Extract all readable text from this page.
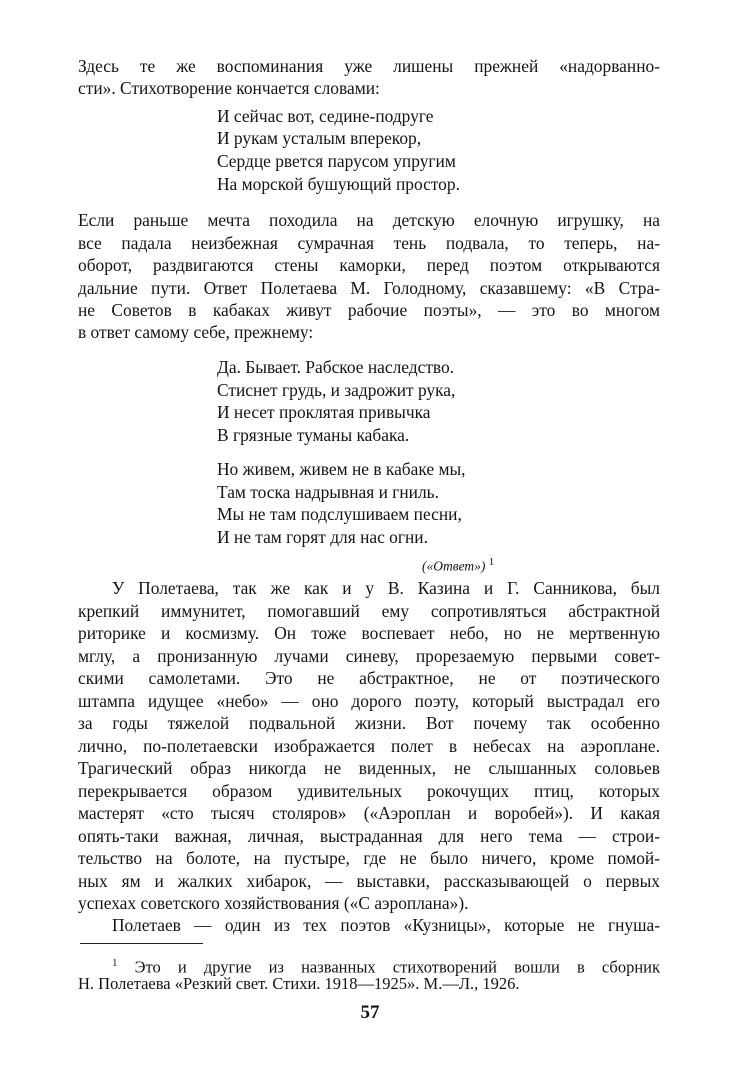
Здесь те же воспоминания уже лишены прежней «надорванно-
сти». Стихотворение кончается словами:
И сейчас вот, седине-подруге
И рукам усталым вперекор,
Сердце рвется парусом упругим
На морской бушующий простор.
Если раньше мечта походила на детскую елочную игрушку, на
все падала неизбежная сумрачная тень подвала, то теперь, на-
оборот, раздвигаются стены каморки, перед поэтом открываются
дальние пути. Ответ Полетаева М. Голодному, сказавшему: «В Стра-
не Советов в кабаках живут рабочие поэты», — это во многом
в ответ самому себе, прежнему:
Да. Бывает. Рабское наследство.
Стиснет грудь, и задрожит рука,
И несет проклятая привычка
В грязные туманы кабака.
Но живем, живем не в кабаке мы,
Там тоска надрывная и гниль.
Мы не там подслушиваем песни,
И не там горят для нас огни.
(«Ответ») $^1$
У Полетаева, так же как и у В. Казина и Г. Санникова, был
крепкий иммунитет, помогавший ему сопротивляться абстрактной
риторике и космизму. Он тоже воспевает небо, но не мертвенную
мглу, а пронизанную лучами синеву, прорезаемую первыми совет-
скими самолетами. Это не абстрактное, не от поэтического
штампа идущее «небо» — оно дорого поэту, который выстрадал его
за годы тяжелой подвальной жизни. Вот почему так особенно
лично, по-полетаевски изображается полет в небесах на аэроплане.
Трагический образ никогда не виденных, не слышанных соловьев
перекрывается образом удивительных рокочущих птиц, которых
мастерят «сто тысяч столяров» («Аэроплан и воробей»). И какая
опять-таки важная, личная, выстраданная для него тема — строи-
тельство на болоте, на пустыре, где не было ничего, кроме помой-
ных ям и жалких хибарок, — выставки, рассказывающей о первых
успехах советского хозяйствования («С аэроплана»).
Полетаев — один из тех поэтов «Кузницы», которые не гнуша-
$^1$ Это и другие из названных стихотворений вошли в сборник
Н. Полетаева «Резкий свет. Стихи. 1918—1925». М.—Л., 1926.
57
